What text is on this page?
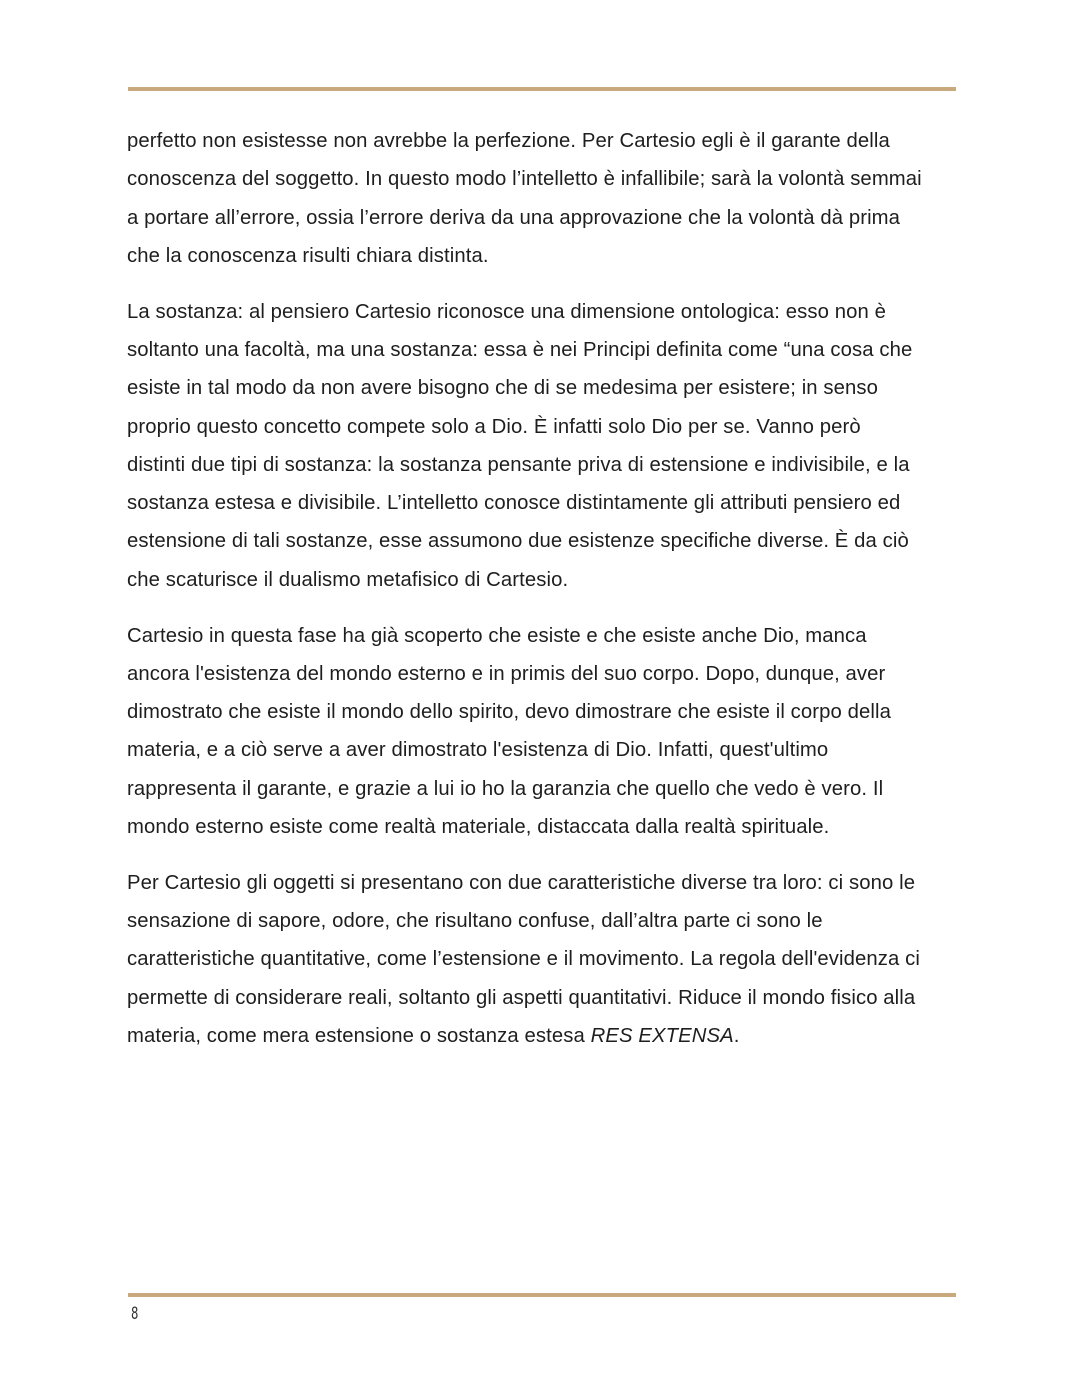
perfetto non esistesse non avrebbe la perfezione. Per Cartesio egli è il garante della
conoscenza del soggetto. In questo modo l’intelletto è infallibile; sarà la volontà semmai
a portare all’errore, ossia l’errore deriva da una approvazione che la volontà dà prima
che la conoscenza risulti chiara distinta.

La sostanza: al pensiero Cartesio riconosce una dimensione ontologica: esso non è
soltanto una facoltà, ma una sostanza: essa è nei Principi definita come “una cosa che
esiste in tal modo da non avere bisogno che di se medesima per esistere; in senso
proprio questo concetto compete solo a Dio. È infatti solo Dio per se. Vanno però
distinti due tipi di sostanza: la sostanza pensante priva di estensione e indivisibile, e la
sostanza estesa e divisibile. L’intelletto conosce distintamente gli attributi pensiero ed
estensione di tali sostanze, esse assumono due esistenze specifiche diverse. È da ciò
che scaturisce il dualismo metafisico di Cartesio.

Cartesio in questa fase ha già scoperto che esiste e che esiste anche Dio, manca
ancora l'esistenza del mondo esterno e in primis del suo corpo. Dopo, dunque, aver
dimostrato che esiste il mondo dello spirito, devo dimostrare che esiste il corpo della
materia, e a ciò serve a aver dimostrato l'esistenza di Dio. Infatti, quest'ultimo
rappresenta il garante, e grazie a lui io ho la garanzia che quello che vedo è vero. Il
mondo esterno esiste come realtà materiale, distaccata dalla realtà spirituale.

Per Cartesio gli oggetti si presentano con due caratteristiche diverse tra loro: ci sono le
sensazione di sapore, odore, che risultano confuse, dall’altra parte ci sono le
caratteristiche quantitative, come l’estensione e il movimento. La regola dell'evidenza ci
permette di considerare reali, soltanto gli aspetti quantitativi. Riduce il mondo fisico alla
materia, come mera estensione o sostanza estesa RES EXTENSA.

8
